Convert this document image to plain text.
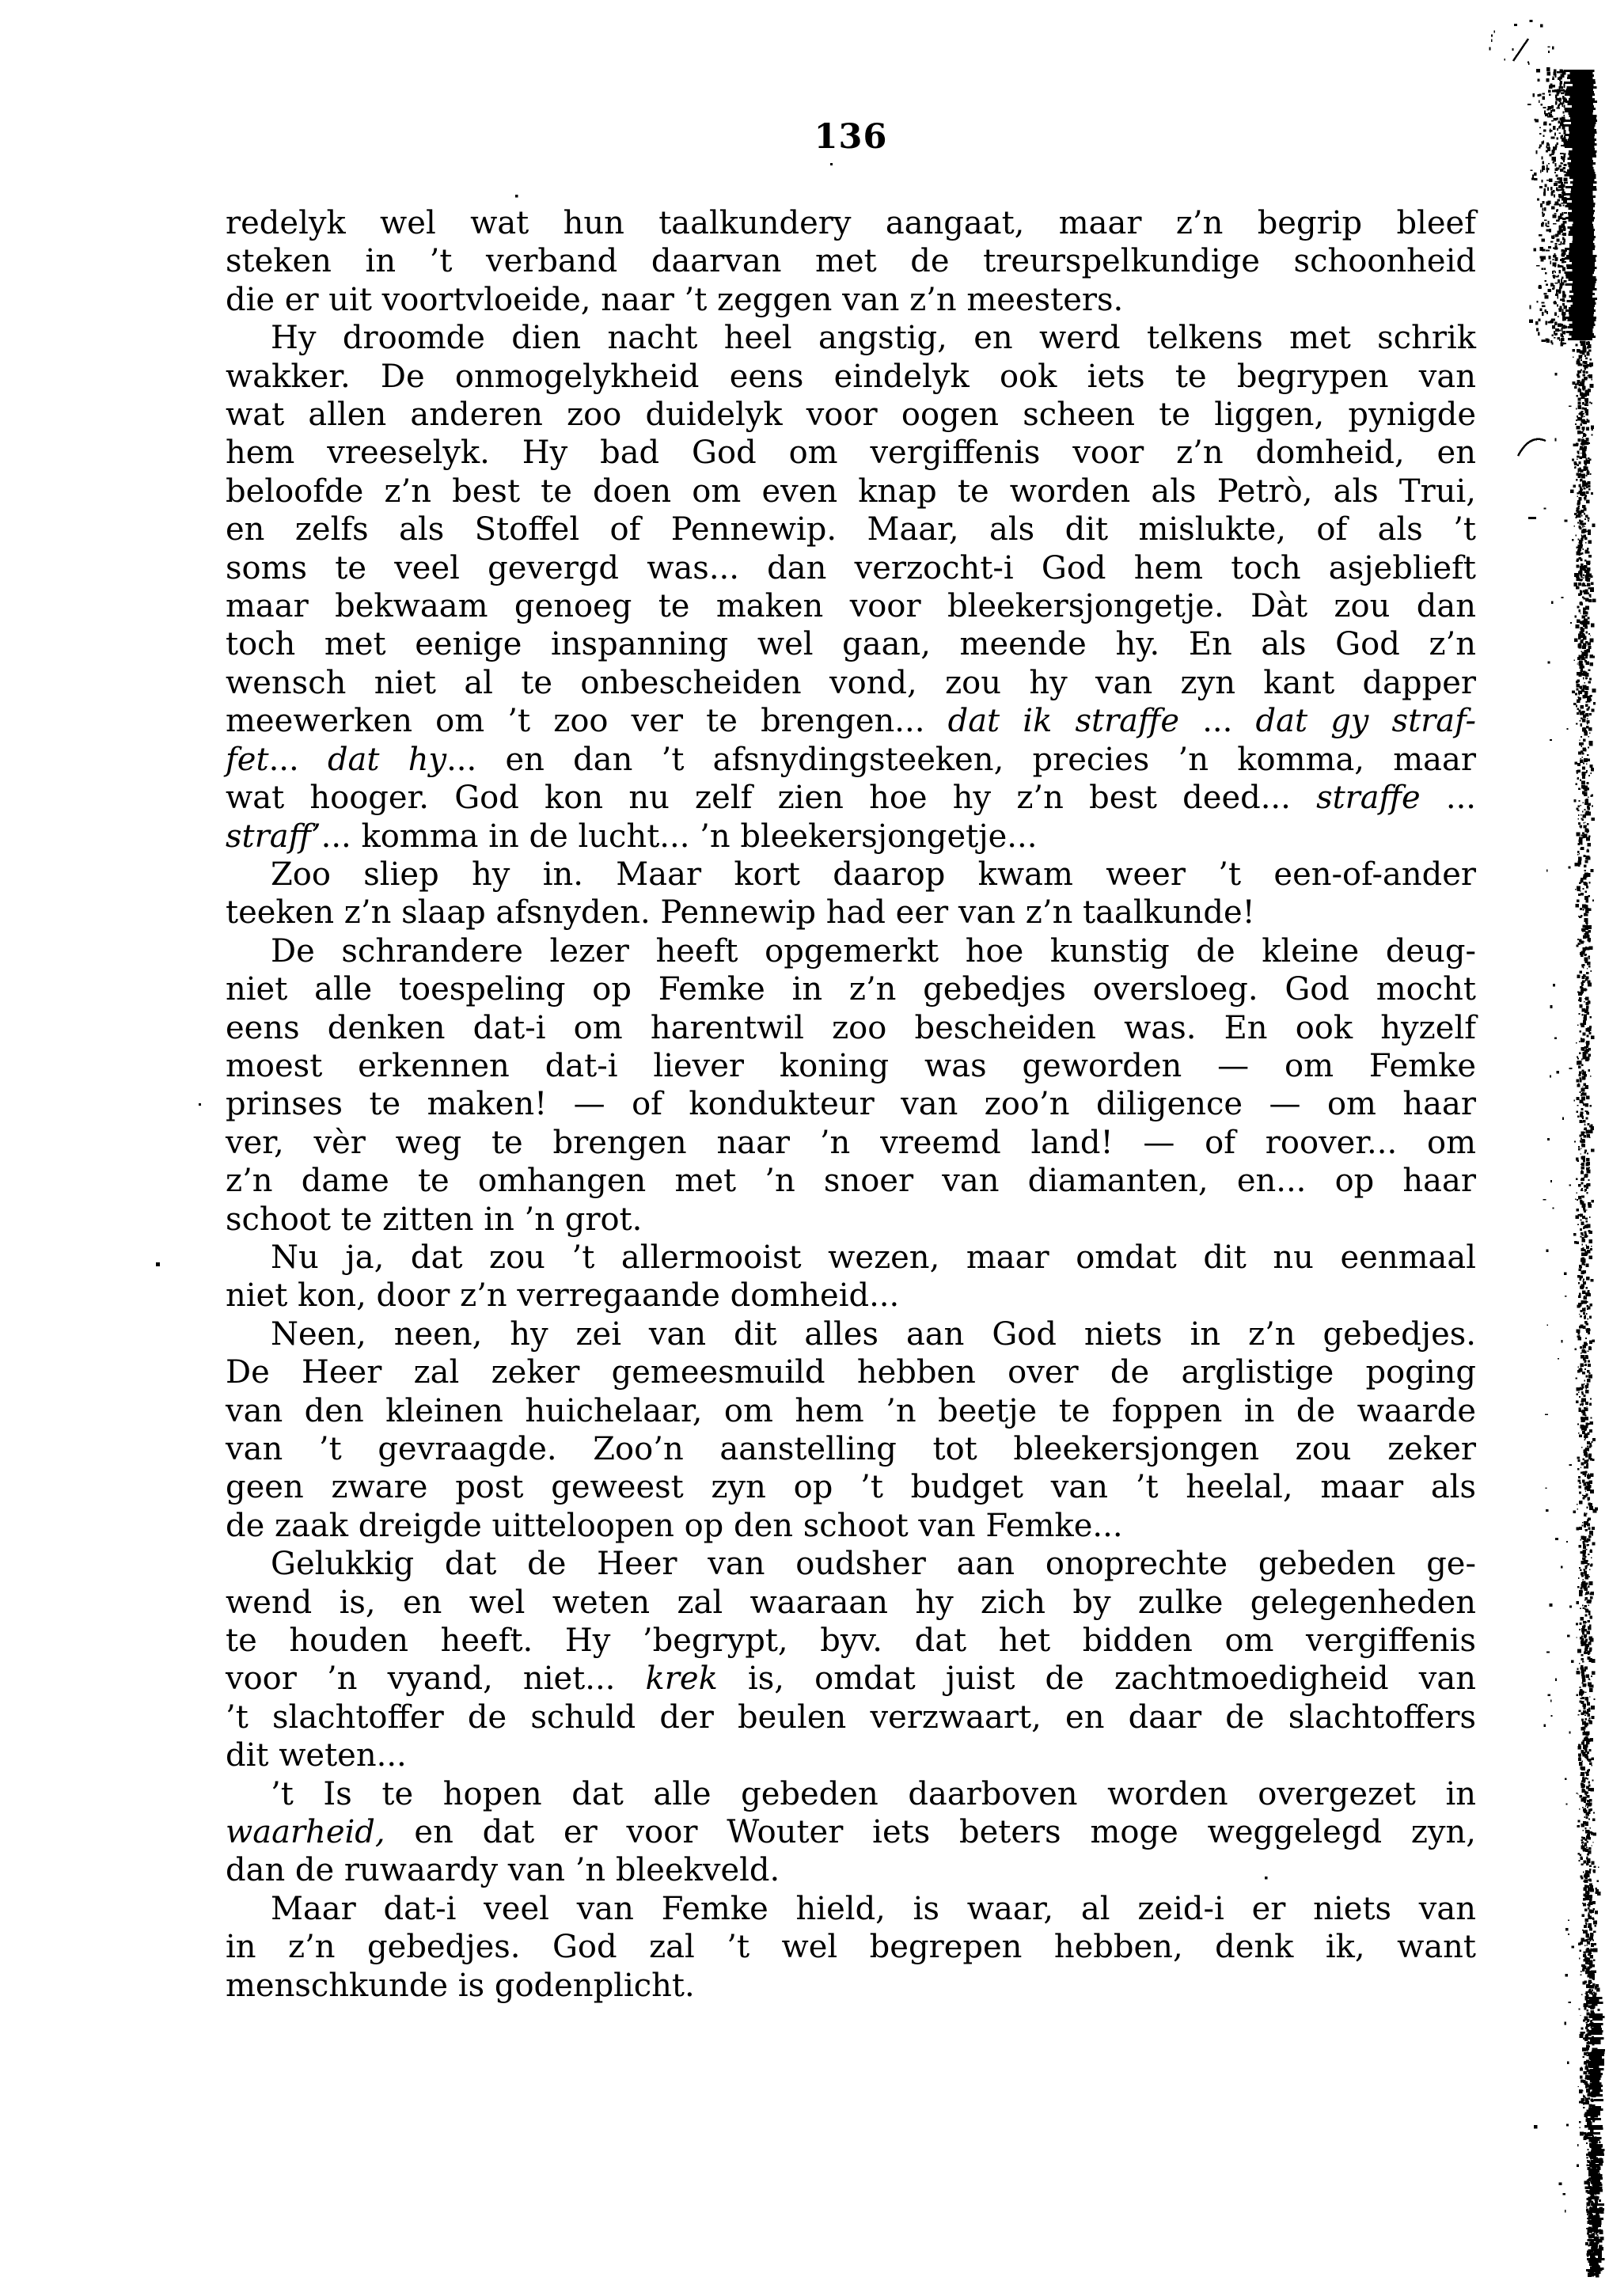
136
redelyk wel wat hun taalkundery aangaat, maar z’n begrip bleef
steken in ’t verband daarvan met de treurspelkundige schoonheid
die er uit voortvloeide, naar ’t zeggen van z’n meesters.
Hy droomde dien nacht heel angstig, en werd telkens met schrik
wakker. De onmogelykheid eens eindelyk ook iets te begrypen van
wat allen anderen zoo duidelyk voor oogen scheen te liggen, pynigde
hem vreeselyk. Hy bad God om vergiffenis voor z’n domheid, en
beloofde z’n best te doen om even knap te worden als Petrò, als Trui,
en zelfs als Stoffel of Pennewip. Maar, als dit mislukte, of als ’t
soms te veel gevergd was... dan verzocht-i God hem toch asjeblieft
maar bekwaam genoeg te maken voor bleekersjongetje. Dàt zou dan
toch met eenige inspanning wel gaan, meende hy. En als God z’n
wensch niet al te onbescheiden vond, zou hy van zyn kant dapper
meewerken om ’t zoo ver te brengen... dat ik straffe ... dat gy straf-
fet... dat hy... en dan ’t afsnydingsteeken, precies ’n komma, maar
wat hooger. God kon nu zelf zien hoe hy z’n best deed... straffe ...
straff’... komma in de lucht... ’n bleekersjongetje...
Zoo sliep hy in. Maar kort daarop kwam weer ’t een-of-ander
teeken z’n slaap afsnyden. Pennewip had eer van z’n taalkunde!
De schrandere lezer heeft opgemerkt hoe kunstig de kleine deug-
niet alle toespeling op Femke in z’n gebedjes oversloeg. God mocht
eens denken dat-i om harentwil zoo bescheiden was. En ook hyzelf
moest erkennen dat-i liever koning was geworden — om Femke
prinses te maken! — of kondukteur van zoo’n diligence — om haar
ver, vèr weg te brengen naar ’n vreemd land! — of roover... om
z’n dame te omhangen met ’n snoer van diamanten, en... op haar
schoot te zitten in ’n grot.
Nu ja, dat zou ’t allermooist wezen, maar omdat dit nu eenmaal
niet kon, door z’n verregaande domheid...
Neen, neen, hy zei van dit alles aan God niets in z’n gebedjes.
De Heer zal zeker gemeesmuild hebben over de arglistige poging
van den kleinen huichelaar, om hem ’n beetje te foppen in de waarde
van ’t gevraagde. Zoo’n aanstelling tot bleekersjongen zou zeker
geen zware post geweest zyn op ’t budget van ’t heelal, maar als
de zaak dreigde uitteloopen op den schoot van Femke...
Gelukkig dat de Heer van oudsher aan onoprechte gebeden ge-
wend is, en wel weten zal waaraan hy zich by zulke gelegenheden
te houden heeft. Hy ’begrypt, byv. dat het bidden om vergiffenis
voor ’n vyand, niet... krek is, omdat juist de zachtmoedigheid van
’t slachtoffer de schuld der beulen verzwaart, en daar de slachtoffers
dit weten...
’t Is te hopen dat alle gebeden daarboven worden overgezet in
waarheid, en dat er voor Wouter iets beters moge weggelegd zyn,
dan de ruwaardy van ’n bleekveld.
Maar dat-i veel van Femke hield, is waar, al zeid-i er niets van
in z’n gebedjes. God zal ’t wel begrepen hebben, denk ik, want
menschkunde is godenplicht.
